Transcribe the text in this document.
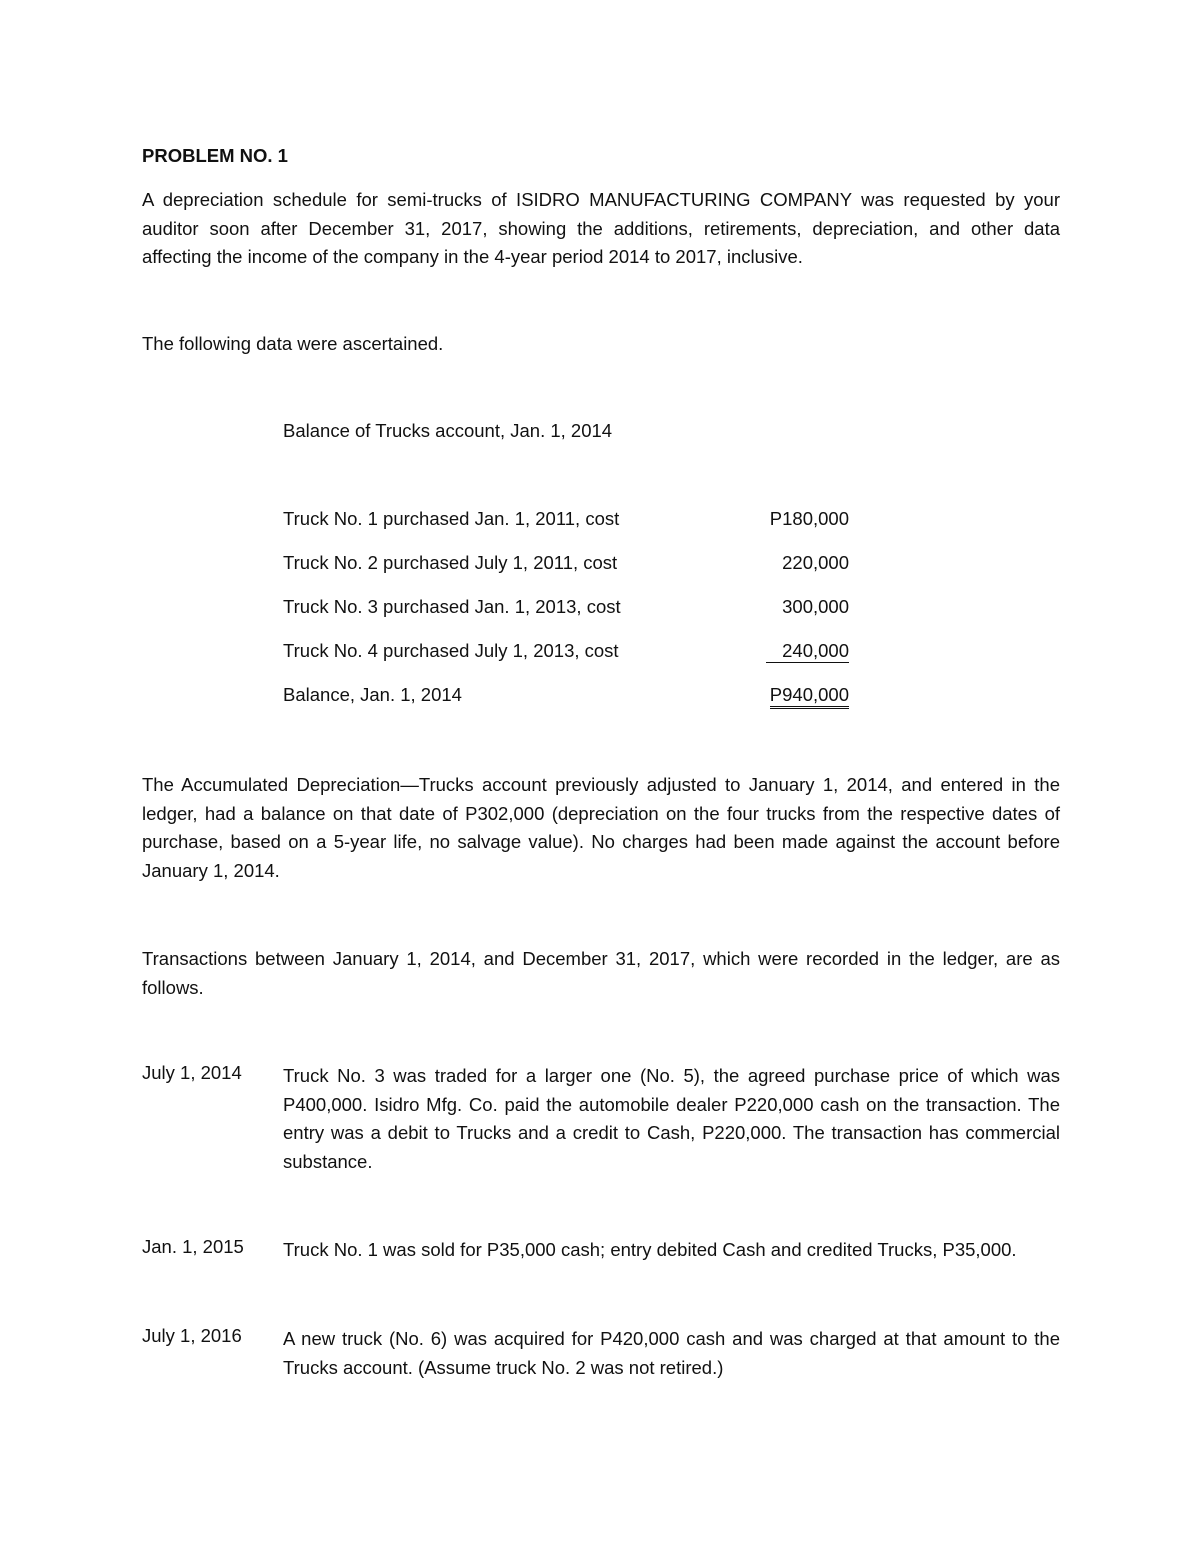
PROBLEM NO. 1
A depreciation schedule for semi-trucks of ISIDRO MANUFACTURING COMPANY was requested by your auditor soon after December 31, 2017, showing the additions, retirements, depreciation, and other data affecting the income of the company in the 4-year period 2014 to 2017, inclusive.
The following data were ascertained.
Balance of Trucks account, Jan. 1, 2014
Truck No. 1 purchased Jan. 1, 2011, cost	P180,000
Truck No. 2 purchased July 1, 2011, cost	220,000
Truck No. 3 purchased Jan. 1, 2013, cost	300,000
Truck No. 4 purchased July 1, 2013, cost	240,000
Balance, Jan. 1, 2014	P940,000
The Accumulated Depreciation—Trucks account previously adjusted to January 1, 2014, and entered in the ledger, had a balance on that date of P302,000 (depreciation on the four trucks from the respective dates of purchase, based on a 5-year life, no salvage value). No charges had been made against the account before January 1, 2014.
Transactions between January 1, 2014, and December 31, 2017, which were recorded in the ledger, are as follows.
July 1, 2014 Truck No. 3 was traded for a larger one (No. 5), the agreed purchase price of which was P400,000. Isidro Mfg. Co. paid the automobile dealer P220,000 cash on the transaction. The entry was a debit to Trucks and a credit to Cash, P220,000. The transaction has commercial substance.
Jan. 1, 2015 Truck No. 1 was sold for P35,000 cash; entry debited Cash and credited Trucks, P35,000.
July 1, 2016 A new truck (No. 6) was acquired for P420,000 cash and was charged at that amount to the Trucks account. (Assume truck No. 2 was not retired.)
